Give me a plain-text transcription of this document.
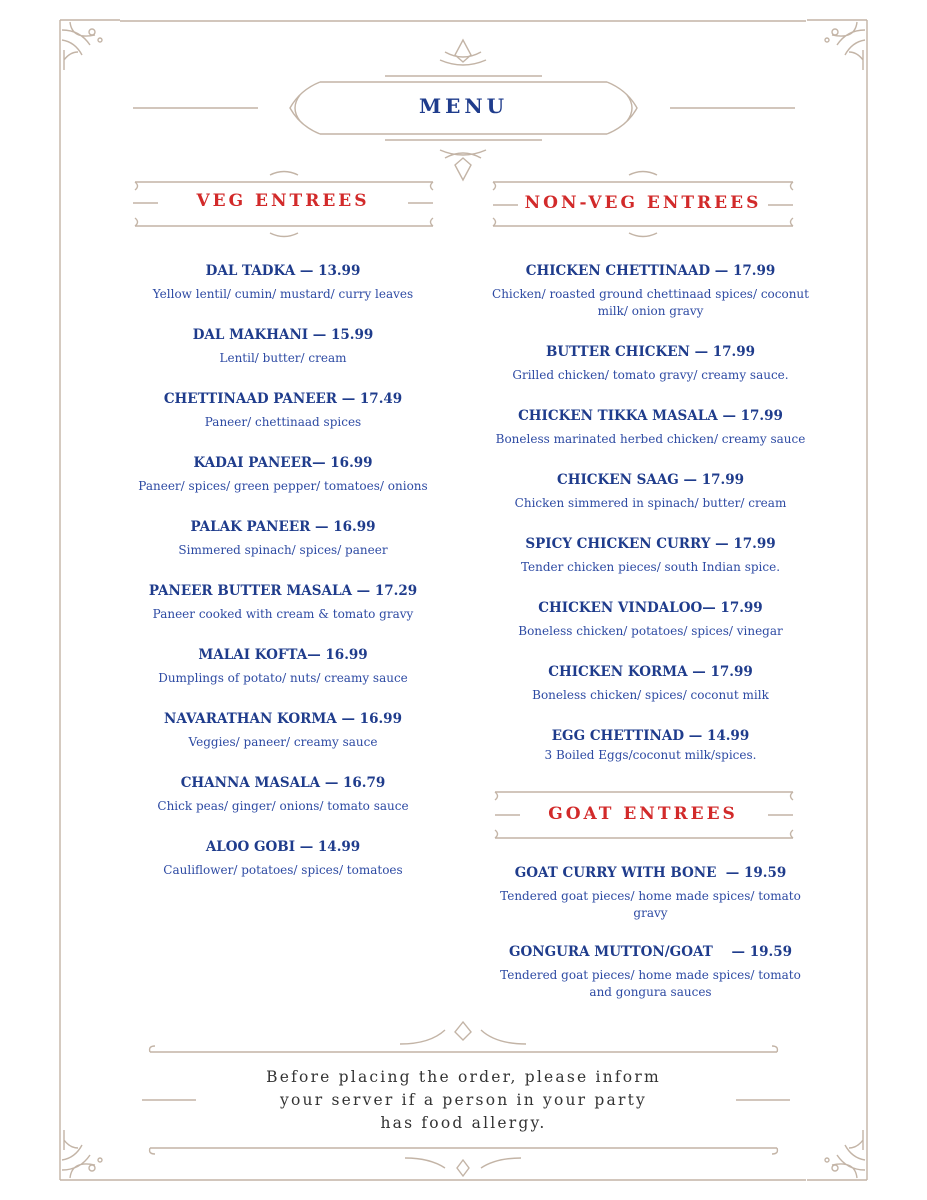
MENU
VEG ENTREES	NON-VEG ENTREES
GOAT ENTREES
DAL TADKA — 13.99
Yellow lentil/ cumin/ mustard/ curry leaves
DAL MAKHANI — 15.99
Lentil/ butter/ cream
CHETTINAAD PANEER — 17.49
Paneer/ chettinaad spices
KADAI PANEER— 16.99
Paneer/ spices/ green pepper/ tomatoes/ onions
PALAK PANEER — 16.99
Simmered spinach/ spices/ paneer
PANEER BUTTER MASALA — 17.29
Paneer cooked with cream & tomato gravy
MALAI KOFTA— 16.99
Dumplings of potato/ nuts/ creamy sauce
NAVARATHAN KORMA — 16.99
Veggies/ paneer/ creamy sauce
CHANNA MASALA — 16.79
Chick peas/ ginger/ onions/ tomato sauce
ALOO GOBI — 14.99
Cauliflower/ potatoes/ spices/ tomatoes
CHICKEN CHETTINAAD — 17.99
Chicken/ roasted ground chettinaad spices/ coconut milk/ onion gravy
BUTTER CHICKEN — 17.99
Grilled chicken/ tomato gravy/ creamy sauce.
CHICKEN TIKKA MASALA — 17.99
Boneless marinated herbed chicken/ creamy sauce
CHICKEN SAAG — 17.99
Chicken simmered in spinach/ butter/ cream
SPICY CHICKEN CURRY — 17.99
Tender chicken pieces/ south Indian spice.
CHICKEN VINDALOO— 17.99
Boneless chicken/ potatoes/ spices/ vinegar
CHICKEN KORMA — 17.99
Boneless chicken/ spices/ coconut milk
EGG CHETTINAD — 14.99
3 Boiled Eggs/coconut milk/spices.
GOAT CURRY WITH BONE  — 19.59
Tendered goat pieces/ home made spices/ tomato gravy
GONGURA MUTTON/GOAT    — 19.59
Tendered goat pieces/ home made spices/ tomato and gongura sauces
Before placing the order, please inform
your server if a person in your party
has food allergy.
